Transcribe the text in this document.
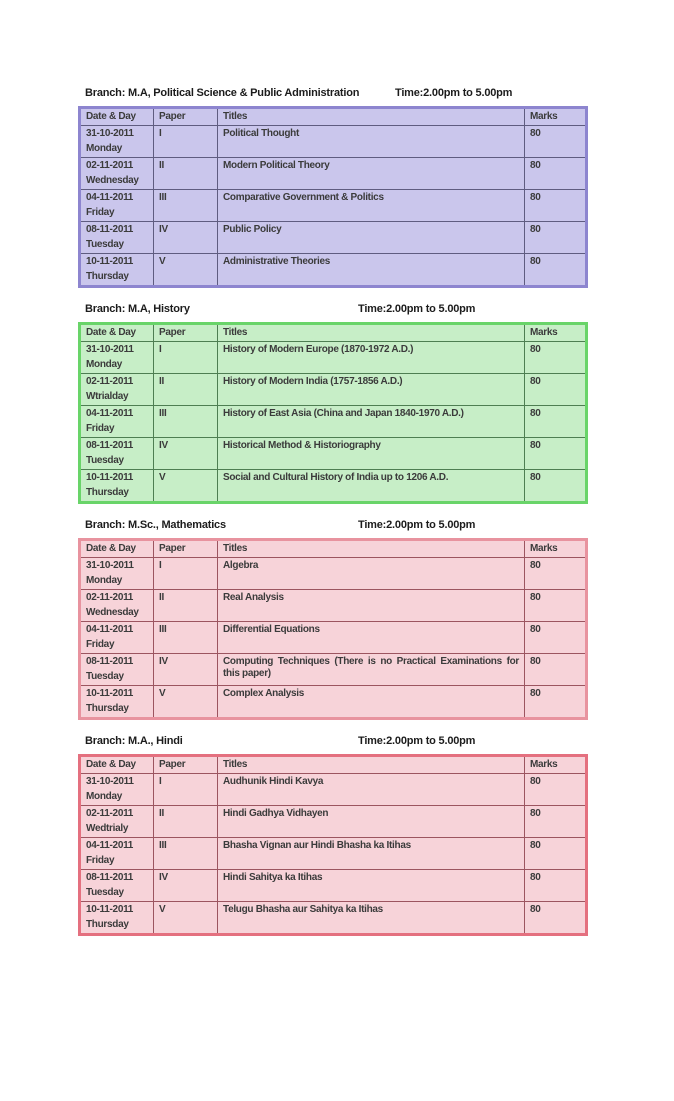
Branch: M.A, Political Science & Public Administration	Time:2.00pm to 5.00pm
Date & Day	Paper	Titles	Marks
31-10-2011
Monday	I	Political Thought	80
02-11-2011
Wednesday	II	Modern Political Theory	80
04-11-2011
Friday	III	Comparative Government & Politics	80
08-11-2011
Tuesday	IV	Public Policy	80
10-11-2011
Thursday	V	Administrative Theories	80
Branch: M.A, History	Time:2.00pm to 5.00pm
Date & Day	Paper	Titles	Marks
31-10-2011
Monday	I	History of Modern Europe (1870-1972 A.D.)	80
02-11-2011
Wtrialday	II	History of Modern India (1757-1856 A.D.)	80
04-11-2011
Friday	III	History of East Asia (China and Japan 1840-1970 A.D.)	80
08-11-2011
Tuesday	IV	Historical Method & Historiography	80
10-11-2011
Thursday	V	Social and Cultural History of India up to 1206 A.D.	80
Branch: M.Sc., Mathematics	Time:2.00pm to 5.00pm
Date & Day	Paper	Titles	Marks
31-10-2011
Monday	I	Algebra	80
02-11-2011
Wednesday	II	Real Analysis	80
04-11-2011
Friday	III	Differential Equations	80
08-11-2011
Tuesday	IV	Computing Techniques (There is no Practical Examinations for this paper)	80
10-11-2011
Thursday	V	Complex Analysis	80
Branch: M.A., Hindi	Time:2.00pm to 5.00pm
Date & Day	Paper	Titles	Marks
31-10-2011
Monday	I	Audhunik Hindi Kavya	80
02-11-2011
Wedtrialy	II	Hindi Gadhya Vidhayen	80
04-11-2011
Friday	III	Bhasha Vignan aur Hindi Bhasha ka Itihas	80
08-11-2011
Tuesday	IV	Hindi Sahitya ka Itihas	80
10-11-2011
Thursday	V	Telugu Bhasha aur Sahitya ka Itihas	80
